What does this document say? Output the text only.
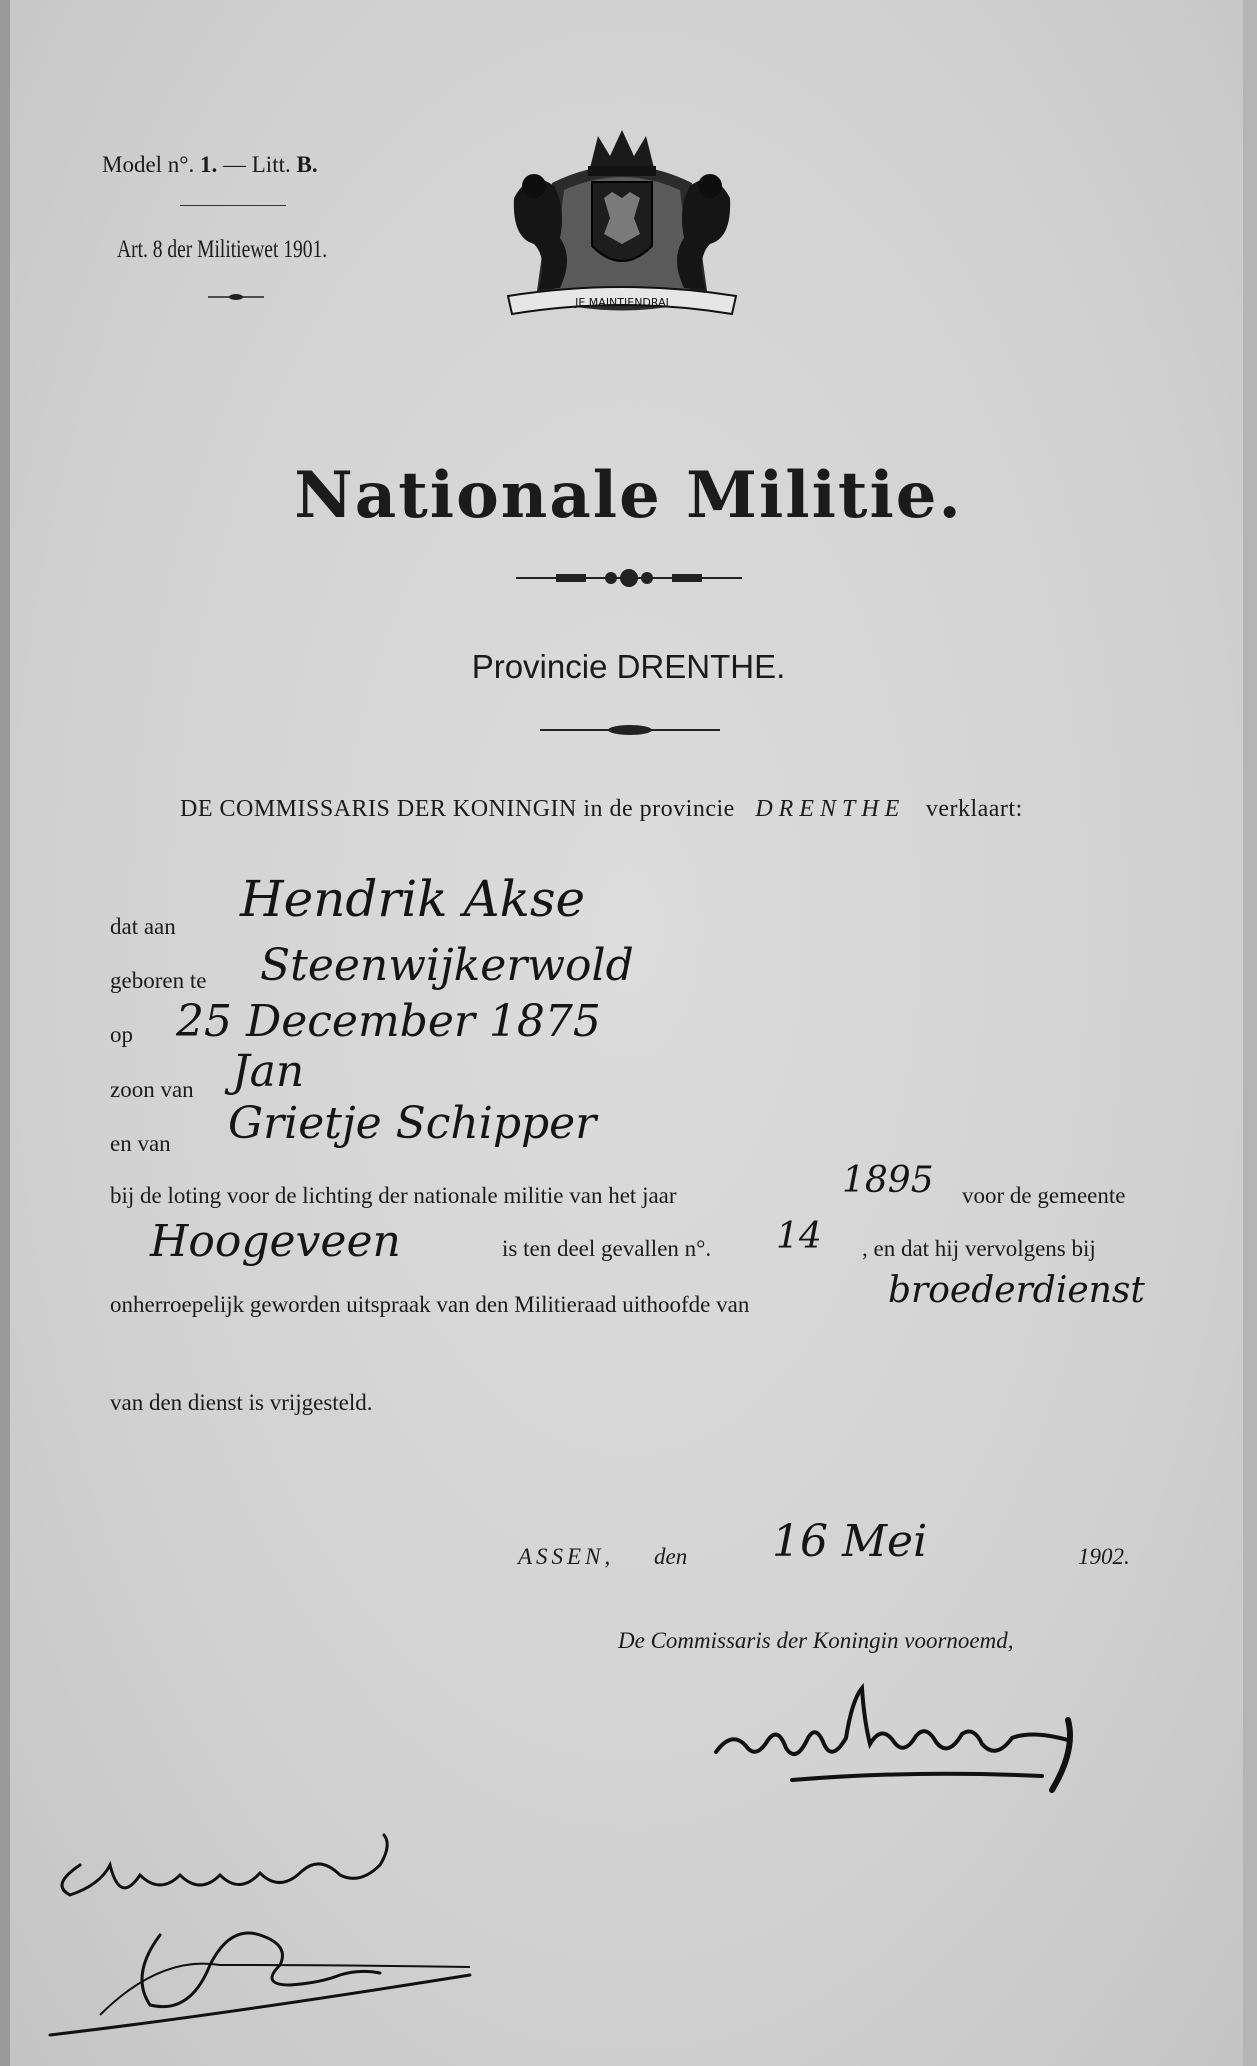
Model n°. 1. — Litt. B.
Art. 8 der Militiewet 1901.
JE MAINTIENDRAI
Nationale Militie.
Provincie DRENTHE.
DE COMMISSARIS DER KONINGIN in de provincie DRENTHE verklaart:
dat aan Hendrik Akse
geboren te Steenwijkerwold
op 25 December 1875
zoon van Jan
en van Grietje Schipper
bij de loting voor de lichting der nationale militie van het jaar	1895 voor de gemeente
Hoogeveen	is ten deel gevallen n°. 14 , en dat hij vervolgens bij
onherroepelijk geworden uitspraak van den Militieraad uithoofde van	broederdienst
van den dienst is vrijgesteld.
ASSEN, den 16 Mei	1902.
De Commissaris der Koningin voornoemd,
